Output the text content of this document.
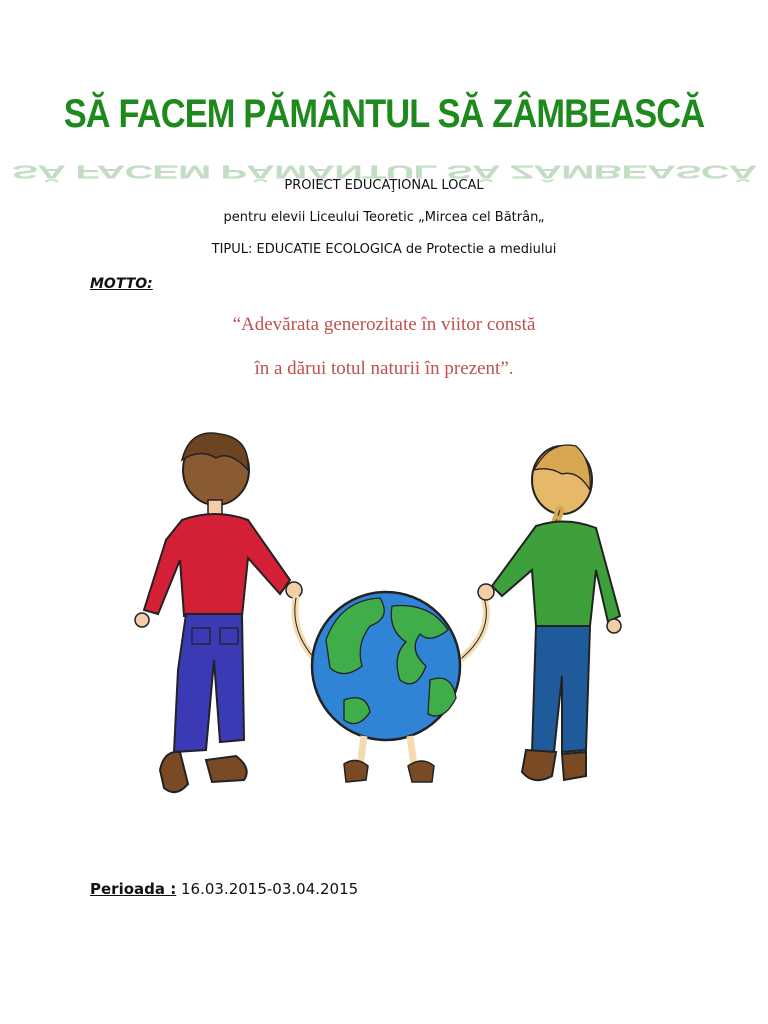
SĂ FACEM PĂMÂNTUL SĂ ZÂMBEASCĂ
SĂ FACEM PĂMÂNTUL SĂ ZÂMBEASCĂ
PROIECT EDUCAŢIONAL LOCAL
pentru elevii Liceului Teoretic „Mircea cel Bătrân„
TIPUL: EDUCATIE ECOLOGICA de Protectie a mediului
MOTTO:
“Adevărata generozitate în viitor constă
în a dărui totul naturii în prezent”.
Perioada : 16.03.2015-03.04.2015
